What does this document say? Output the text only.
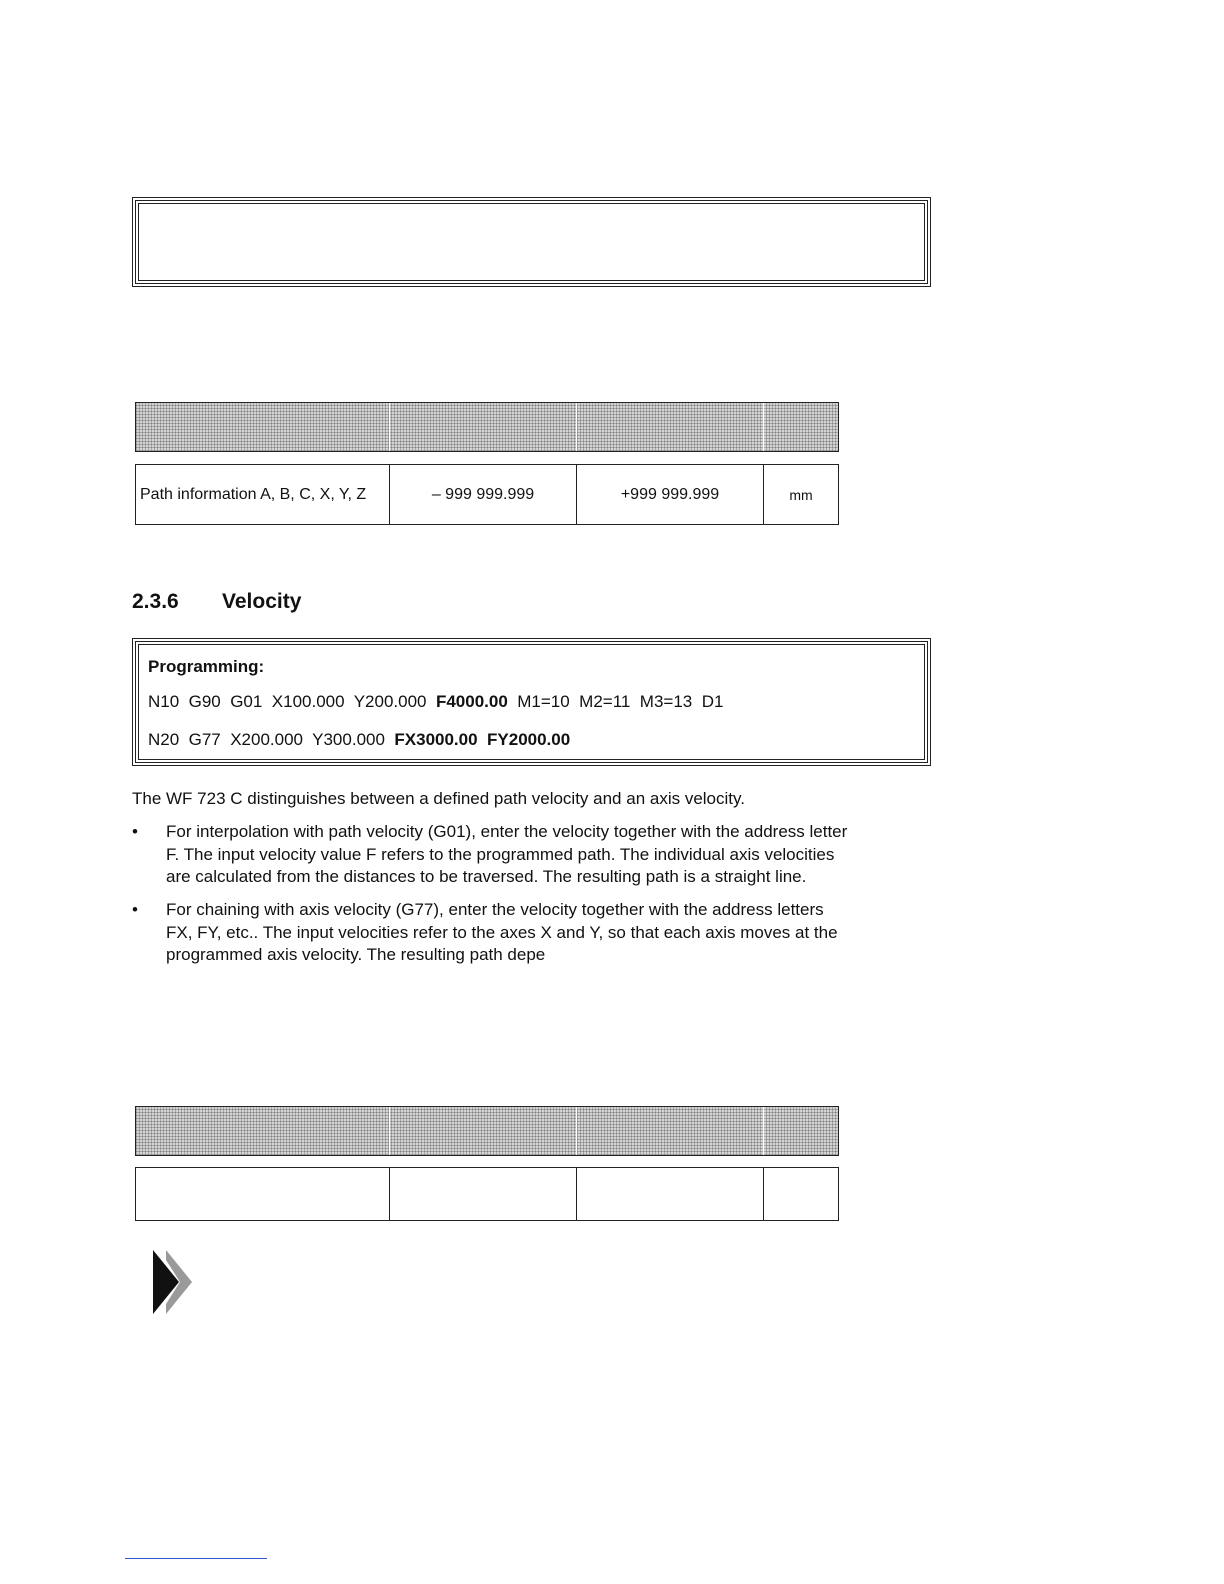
Path information A, B, C, X, Y, Z	– 999 999.999	+999 999.999	mm
2.3.6 Velocity
Programming:
N10  G90  G01  X100.000  Y200.000  F4000.00  M1=10  M2=11  M3=13  D1
N20  G77  X200.000  Y300.000  FX3000.00  FY2000.00
The WF 723 C distinguishes between a defined path velocity and an axis velocity.
• For interpolation with path velocity (G01), enter the velocity together with the address letter
F. The input velocity value F refers to the programmed path. The individual axis velocities
are calculated from the distances to be traversed. The resulting path is a straight line.
• For chaining with axis velocity (G77), enter the velocity together with the address letters
FX, FY, etc.. The input velocities refer to the axes X and Y, so that each axis moves at the
programmed axis velocity. The resulting path depe
